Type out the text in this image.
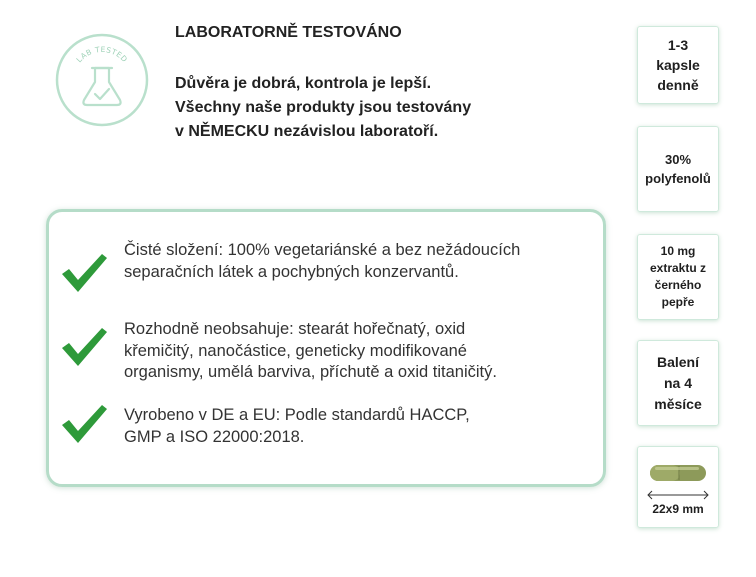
LAB TESTED
LABORATORNĚ TESTOVÁNO

Důvěra je dobrá, kontrola je lepší.
Všechny naše produkty jsou testovány
v NĚMECKU nezávislou laboratoří.

Čisté složení: 100% vegetariánské a bez nežádoucích
separačních látek a pochybných konzervantů.

Rozhodně neobsahuje: stearát hořečnatý, oxid
křemičitý, nanočástice, geneticky modifikované
organismy, umělá barviva, příchutě a oxid titaničitý.

Vyrobeno v DE a EU: Podle standardů HACCP,
GMP a ISO 22000:2018.

1-3
kapsle
denně
30%
polyfenolů
10 mg
extraktu z
černého
pepře
Balení
na 4
měsíce
22x9 mm
